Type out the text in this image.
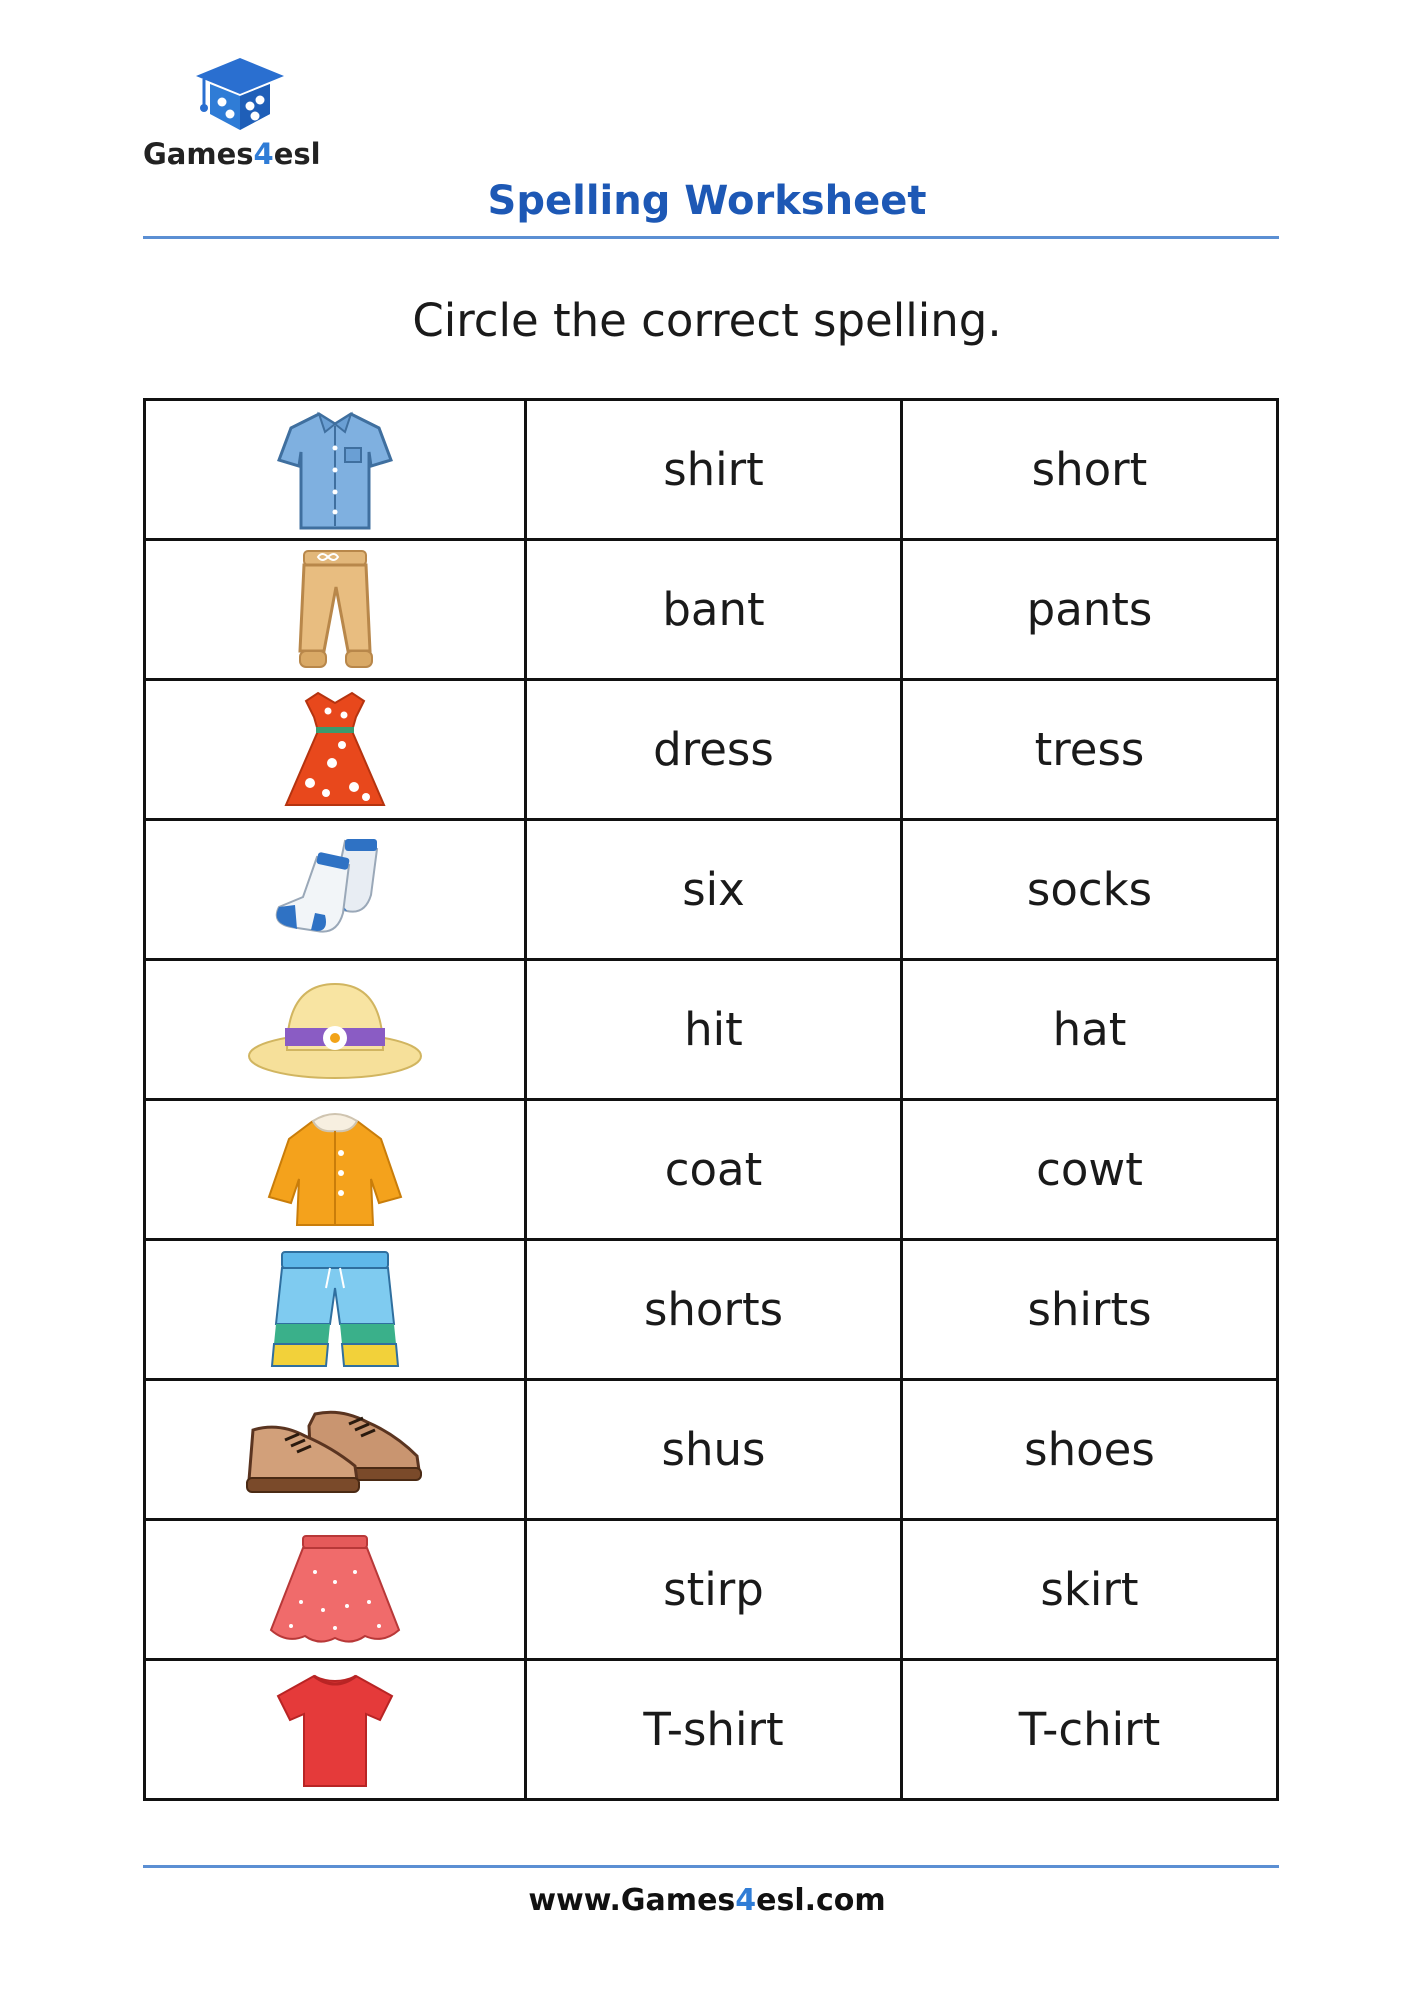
Games4esl
Spelling Worksheet
Circle the correct spelling.
	shirt	short

	bant	pants

	dress	tress

	six	socks

	hit	hat

	coat	cowt

	shorts	shirts

	shus	shoes

	stirp	skirt

	T-shirt	T-chirt
www.Games4esl.com
